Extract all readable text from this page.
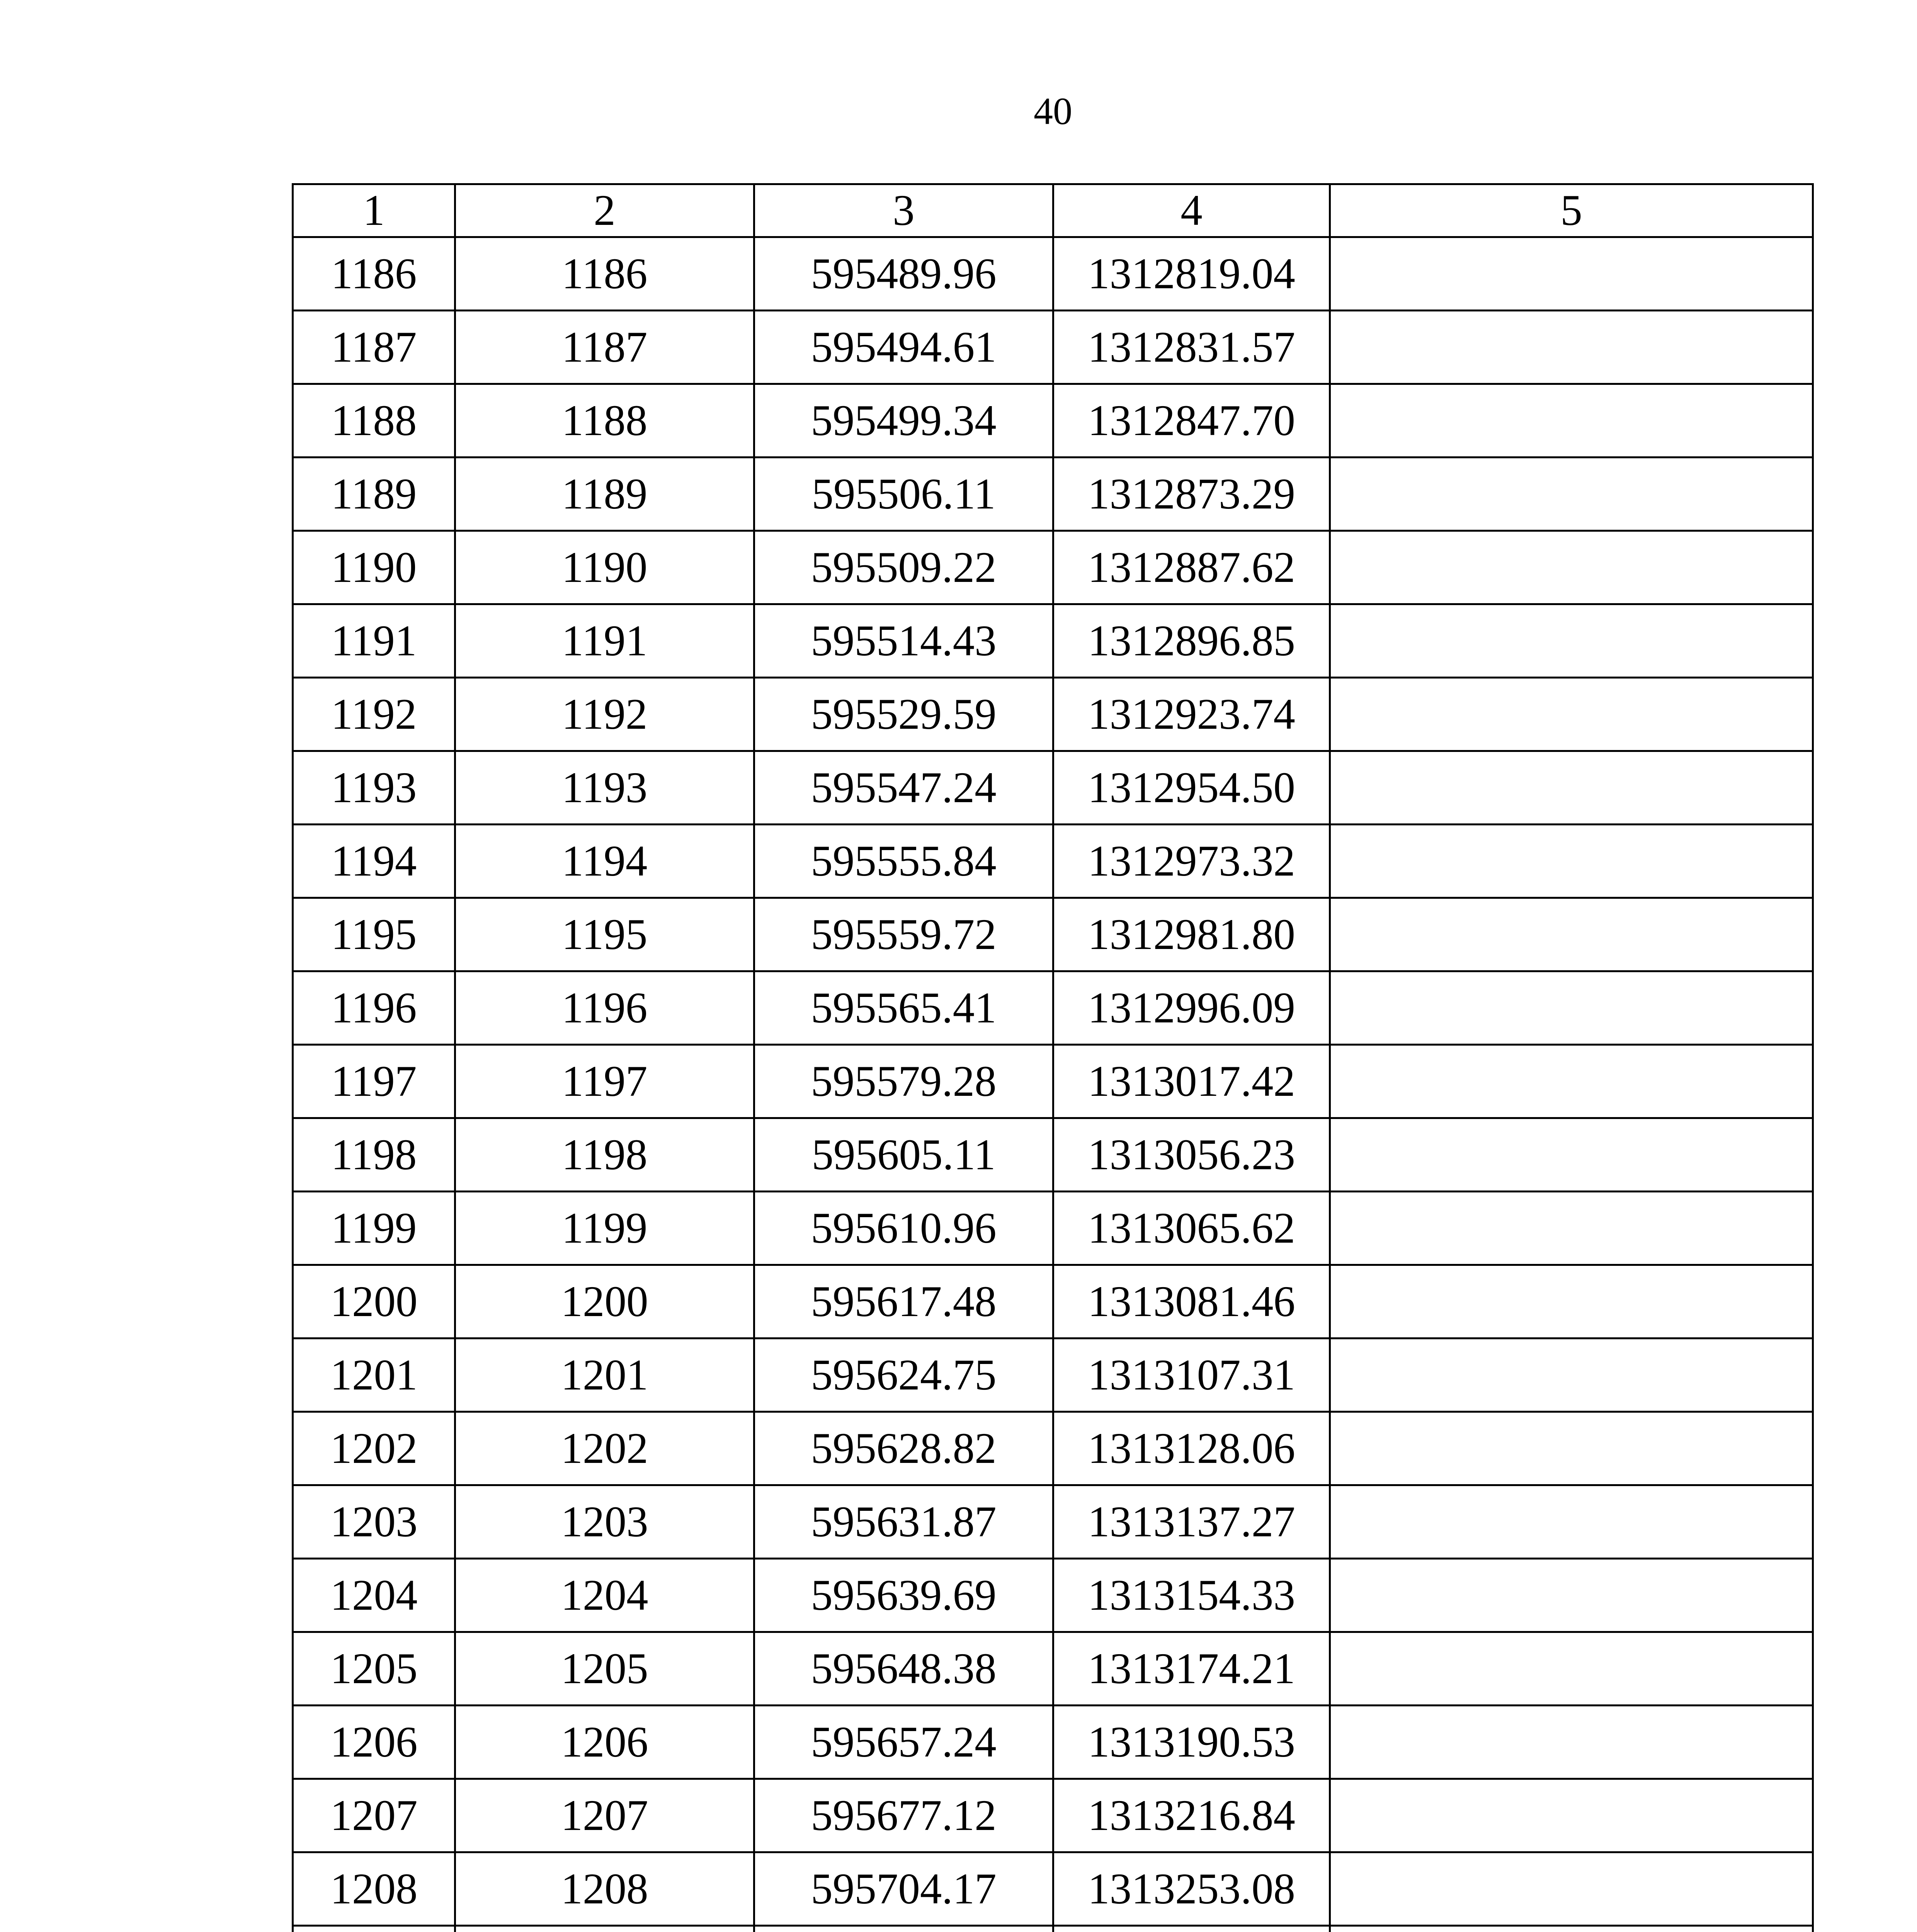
40
1	2	3	4	5
1186	1186	595489.96	1312819.04	
1187	1187	595494.61	1312831.57	
1188	1188	595499.34	1312847.70	
1189	1189	595506.11	1312873.29	
1190	1190	595509.22	1312887.62	
1191	1191	595514.43	1312896.85	
1192	1192	595529.59	1312923.74	
1193	1193	595547.24	1312954.50	
1194	1194	595555.84	1312973.32	
1195	1195	595559.72	1312981.80	
1196	1196	595565.41	1312996.09	
1197	1197	595579.28	1313017.42	
1198	1198	595605.11	1313056.23	
1199	1199	595610.96	1313065.62	
1200	1200	595617.48	1313081.46	
1201	1201	595624.75	1313107.31	
1202	1202	595628.82	1313128.06	
1203	1203	595631.87	1313137.27	
1204	1204	595639.69	1313154.33	
1205	1205	595648.38	1313174.21	
1206	1206	595657.24	1313190.53	
1207	1207	595677.12	1313216.84	
1208	1208	595704.17	1313253.08	
